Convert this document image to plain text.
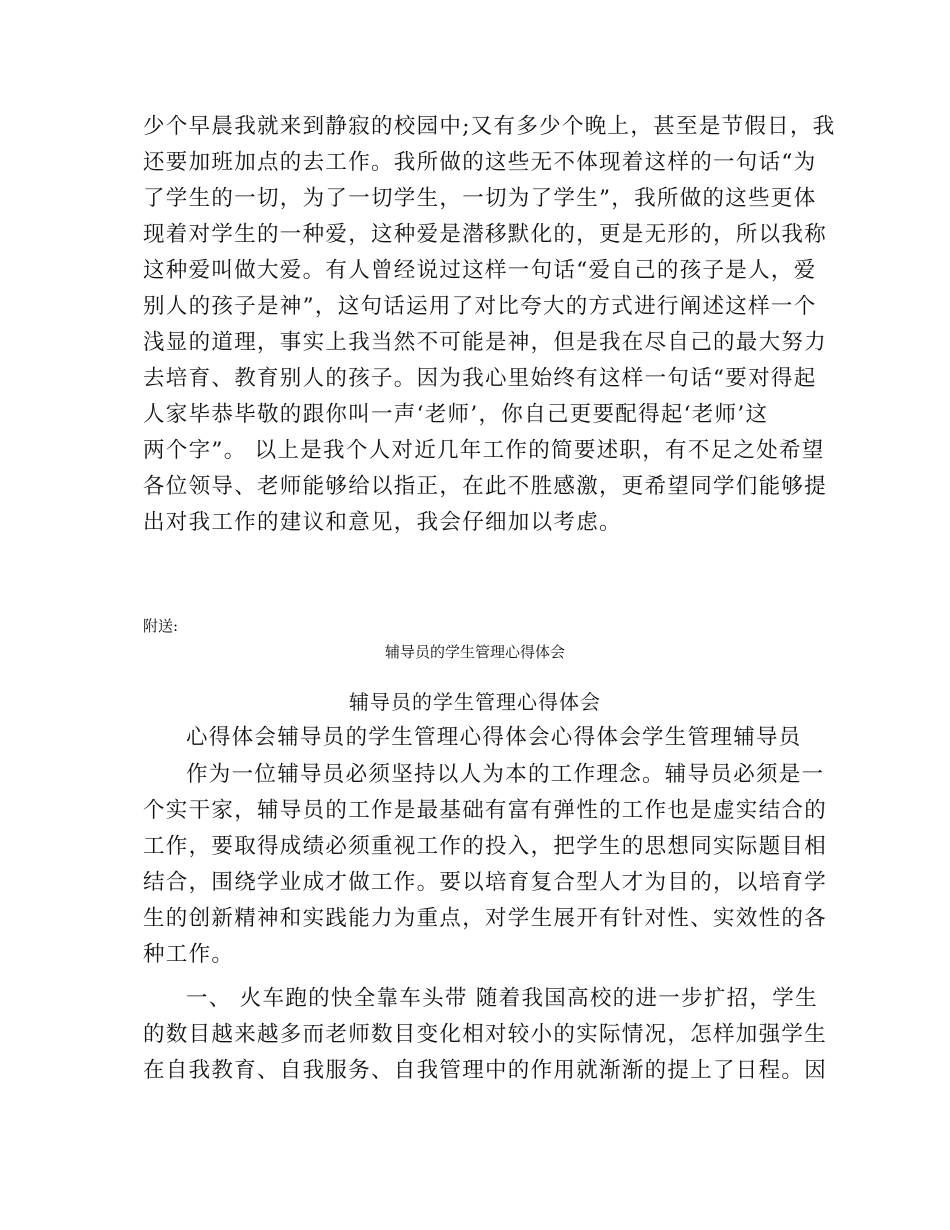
少个早晨我就来到静寂的校园中;又有多少个晚上，甚至是节假日，我
还要加班加点的去工作。我所做的这些无不体现着这样的一句话“为
了学生的一切，为了一切学生，一切为了学生”，我所做的这些更体
现着对学生的一种爱，这种爱是潜移默化的，更是无形的，所以我称
这种爱叫做大爱。有人曾经说过这样一句话“爱自己的孩子是人，爱
别人的孩子是神”，这句话运用了对比夸大的方式进行阐述这样一个
浅显的道理，事实上我当然不可能是神，但是我在尽自己的最大努力
去培育、教育别人的孩子。因为我心里始终有这样一句话“要对得起
人家毕恭毕敬的跟你叫一声‘老师’，你自己更要配得起‘老师’这
两个字”。 以上是我个人对近几年工作的简要述职，有不足之处希望
各位领导、老师能够给以指正，在此不胜感激，更希望同学们能够提
出对我工作的建议和意见，我会仔细加以考虑。
附送:
辅导员的学生管理心得体会
辅导员的学生管理心得体会
心得体会辅导员的学生管理心得体会心得体会学生管理辅导员
作为一位辅导员必须坚持以人为本的工作理念。辅导员必须是一
个实干家，辅导员的工作是最基础有富有弹性的工作也是虚实结合的
工作，要取得成绩必须重视工作的投入，把学生的思想同实际题目相
结合，围绕学业成才做工作。要以培育复合型人才为目的，以培育学
生的创新精神和实践能力为重点，对学生展开有针对性、实效性的各
种工作。
一、 火车跑的快全靠车头带 随着我国高校的进一步扩招，学生
的数目越来越多而老师数目变化相对较小的实际情况，怎样加强学生
在自我教育、自我服务、自我管理中的作用就渐渐的提上了日程。因
